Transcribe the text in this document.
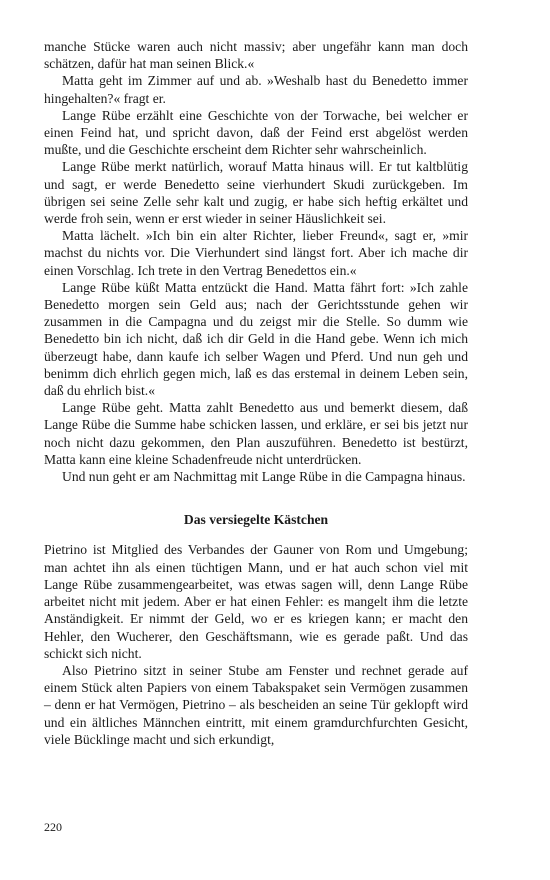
manche Stücke waren auch nicht massiv; aber ungefähr kann man doch schätzen, dafür hat man seinen Blick.«

Matta geht im Zimmer auf und ab. »Weshalb hast du Benedetto immer hingehalten?« fragt er.

Lange Rübe erzählt eine Geschichte von der Torwache, bei welcher er einen Feind hat, und spricht davon, daß der Feind erst abgelöst werden mußte, und die Geschichte erscheint dem Richter sehr wahrscheinlich.

Lange Rübe merkt natürlich, worauf Matta hinaus will. Er tut kaltblütig und sagt, er werde Benedetto seine vierhundert Skudi zurückgeben. Im übrigen sei seine Zelle sehr kalt und zugig, er habe sich heftig erkältet und werde froh sein, wenn er erst wieder in seiner Häuslichkeit sei.

Matta lächelt. »Ich bin ein alter Richter, lieber Freund«, sagt er, »mir machst du nichts vor. Die Vierhundert sind längst fort. Aber ich mache dir einen Vorschlag. Ich trete in den Vertrag Benedettos ein.«

Lange Rübe küßt Matta entzückt die Hand. Matta fährt fort: »Ich zahle Benedetto morgen sein Geld aus; nach der Gerichtsstunde gehen wir zusammen in die Campagna und du zeigst mir die Stelle. So dumm wie Benedetto bin ich nicht, daß ich dir Geld in die Hand gebe. Wenn ich mich überzeugt habe, dann kaufe ich selber Wagen und Pferd. Und nun geh und benimm dich ehrlich gegen mich, laß es das erstemal in deinem Leben sein, daß du ehrlich bist.«

Lange Rübe geht. Matta zahlt Benedetto aus und bemerkt diesem, daß Lange Rübe die Summe habe schicken lassen, und erkläre, er sei bis jetzt nur noch nicht dazu gekommen, den Plan auszuführen. Benedetto ist bestürzt, Matta kann eine kleine Schadenfreude nicht unterdrücken.

Und nun geht er am Nachmittag mit Lange Rübe in die Campagna hinaus.

Das versiegelte Kästchen

Pietrino ist Mitglied des Verbandes der Gauner von Rom und Umgebung; man achtet ihn als einen tüchtigen Mann, und er hat auch schon viel mit Lange Rübe zusammengearbeitet, was etwas sagen will, denn Lange Rübe arbeitet nicht mit jedem. Aber er hat einen Fehler: es mangelt ihm die letzte Anständigkeit. Er nimmt der Geld, wo er es kriegen kann; er macht den Hehler, den Wucherer, den Geschäftsmann, wie es gerade paßt. Und das schickt sich nicht.

Also Pietrino sitzt in seiner Stube am Fenster und rechnet gerade auf einem Stück alten Papiers von einem Tabakspaket sein Vermögen zusammen – denn er hat Vermögen, Pietrino – als bescheiden an seine Tür geklopft wird und ein ältliches Männchen eintritt, mit einem gramdurchfurchten Gesicht, viele Bücklinge macht und sich erkundigt,

220
